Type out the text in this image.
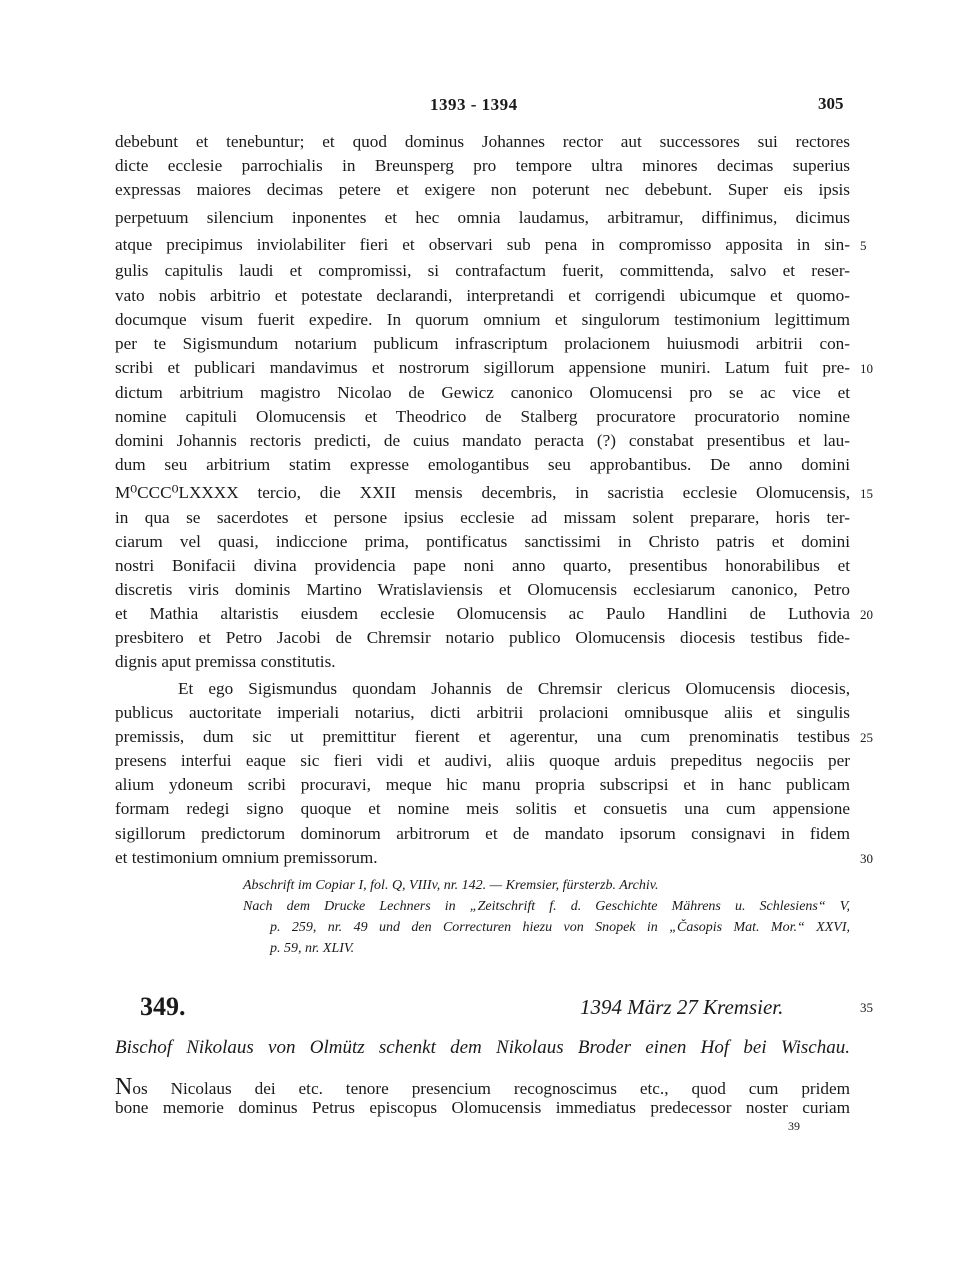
1393 - 1394	305
debebunt et tenebuntur; et quod dominus Johannes rector aut successores sui rectores
dicte ecclesie parrochialis in Breunsperg pro tempore ultra minores decimas superius
expressas maiores decimas petere et exigere non poterunt nec debebunt. Super eis ipsis
perpetuum silencium inponentes et hec omnia laudamus, arbitramur, diffinimus, dicimus
atque precipimus inviolabiliter fieri et observari sub pena in compromisso apposita in sin-
gulis capitulis laudi et compromissi, si contrafactum fuerit, committenda, salvo et reser-
vato nobis arbitrio et potestate declarandi, interpretandi et corrigendi ubicumque et quomo-
documque visum fuerit expedire. In quorum omnium et singulorum testimonium legittimum
per te Sigismundum notarium publicum infrascriptum prolacionem huiusmodi arbitrii con-
scribi et publicari mandavimus et nostrorum sigillorum appensione muniri. Latum fuit pre-
dictum arbitrium magistro Nicolao de Gewicz canonico Olomucensi pro se ac vice et
nomine capituli Olomucensis et Theodrico de Stalberg procuratore procuratorio nomine
domini Johannis rectoris predicti, de cuius mandato peracta (?) constabat presentibus et lau-
dum seu arbitrium statim expresse emologantibus seu approbantibus. De anno domini
M⁰CCC⁰LXXXX tercio, die XXII mensis decembris, in sacristia ecclesie Olomucensis,
in qua se sacerdotes et persone ipsius ecclesie ad missam solent preparare, horis ter-
ciarum vel quasi, indiccione prima, pontificatus sanctissimi in Christo patris et domini
nostri Bonifacii divina providencia pape noni anno quarto, presentibus honorabilibus et
discretis viris dominis Martino Wratislaviensis et Olomucensis ecclesiarum canonico, Petro
et Mathia altaristis eiusdem ecclesie Olomucensis ac Paulo Handlini de Luthovia
presbitero et Petro Jacobi de Chremsir notario publico Olomucensis diocesis testibus fide-
dignis aput premissa constitutis.
Et ego Sigismundus quondam Johannis de Chremsir clericus Olomucensis diocesis,
publicus auctoritate imperiali notarius, dicti arbitrii prolacioni omnibusque aliis et singulis
premissis, dum sic ut premittitur fierent et agerentur, una cum prenominatis testibus
presens interfui eaque sic fieri vidi et audivi, aliis quoque arduis prepeditus negociis per
alium ydoneum scribi procuravi, meque hic manu propria subscripsi et in hanc publicam
formam redegi signo quoque et nomine meis solitis et consuetis una cum appensione
sigillorum predictorum dominorum arbitrorum et de mandato ipsorum consignavi in fidem
et testimonium omnium premissorum.
5
10
15
20
25
30
35
Abschrift im Copiar I, fol. Q, VIIIv, nr. 142. — Kremsier, fürsterzb. Archiv.
Nach dem Drucke Lechners in „Zeitschrift f. d. Geschichte Mährens u. Schlesiens“ V,
p. 259, nr. 49 und den Correcturen hiezu von Snopek in „Časopis Mat. Mor.“ XXVI,
p. 59, nr. XLIV.
349.	1394 März 27 Kremsier.
Bischof Nikolaus von Olmütz schenkt dem Nikolaus Broder einen Hof bei Wischau.
Nos Nicolaus dei etc. tenore presencium recognoscimus etc., quod cum pridem
bone memorie dominus Petrus episcopus Olomucensis immediatus predecessor noster curiam
39
